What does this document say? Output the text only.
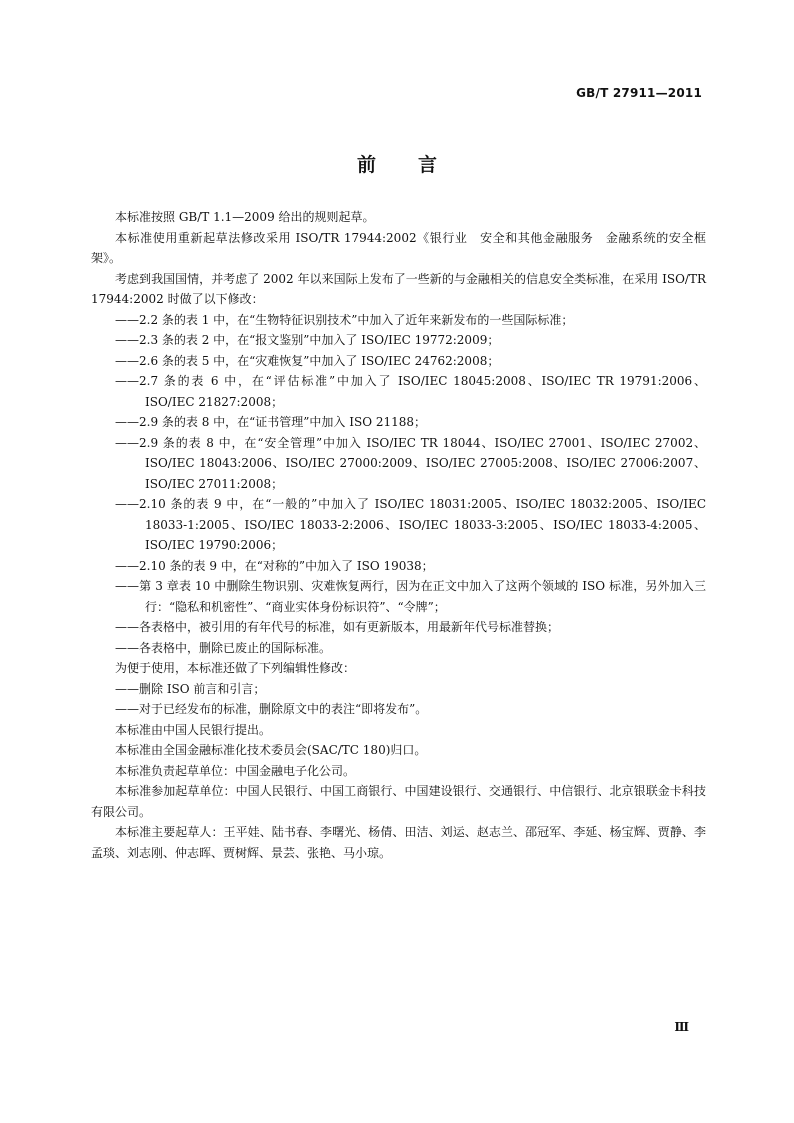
GB/T 27911—2011
前言

本标准按照 GB/T 1.1—2009 给出的规则起草。

本标准使用重新起草法修改采用 ISO/TR 17944:2002《银行业　安全和其他金融服务　金融系统的安全框架》。

考虑到我国国情，并考虑了 2002 年以来国际上发布了一些新的与金融相关的信息安全类标准，在采用 ISO/TR 17944:2002 时做了以下修改：

——2.2 条的表 1 中，在“生物特征识别技术”中加入了近年来新发布的一些国际标准；

——2.3 条的表 2 中，在“报文鉴别”中加入了 ISO/IEC 19772:2009；

——2.6 条的表 5 中，在“灾难恢复”中加入了 ISO/IEC 24762:2008；

——2.7 条的表 6 中，在“评估标准”中加入了 ISO/IEC 18045:2008、ISO/IEC TR 19791:2006、ISO/IEC 21827:2008；

——2.9 条的表 8 中，在“证书管理”中加入 ISO 21188；

——2.9 条的表 8 中，在“安全管理”中加入 ISO/IEC TR 18044、ISO/IEC 27001、ISO/IEC 27002、ISO/IEC 18043:2006、ISO/IEC 27000:2009、ISO/IEC 27005:2008、ISO/IEC 27006:2007、ISO/IEC 27011:2008；

——2.10 条的表 9 中，在“一般的”中加入了 ISO/IEC 18031:2005、ISO/IEC 18032:2005、ISO/IEC 18033-1:2005、ISO/IEC 18033-2:2006、ISO/IEC 18033-3:2005、ISO/IEC 18033-4:2005、ISO/IEC 19790:2006；

——2.10 条的表 9 中，在“对称的”中加入了 ISO 19038；

——第 3 章表 10 中删除生物识别、灾难恢复两行，因为在正文中加入了这两个领域的 ISO 标准，另外加入三行：“隐私和机密性”、“商业实体身份标识符”、“令牌”；

——各表格中，被引用的有年代号的标准，如有更新版本，用最新年代号标准替换；

——各表格中，删除已废止的国际标准。

为便于使用，本标准还做了下列编辑性修改：

——删除 ISO 前言和引言；

——对于已经发布的标准，删除原文中的表注“即将发布”。

本标准由中国人民银行提出。

本标准由全国金融标准化技术委员会(SAC/TC 180)归口。

本标准负责起草单位：中国金融电子化公司。

本标准参加起草单位：中国人民银行、中国工商银行、中国建设银行、交通银行、中信银行、北京银联金卡科技有限公司。

本标准主要起草人：王平娃、陆书春、李曙光、杨倩、田洁、刘运、赵志兰、邵冠军、李延、杨宝辉、贾静、李孟琰、刘志刚、仲志晖、贾树辉、景芸、张艳、马小琼。

Ⅲ
